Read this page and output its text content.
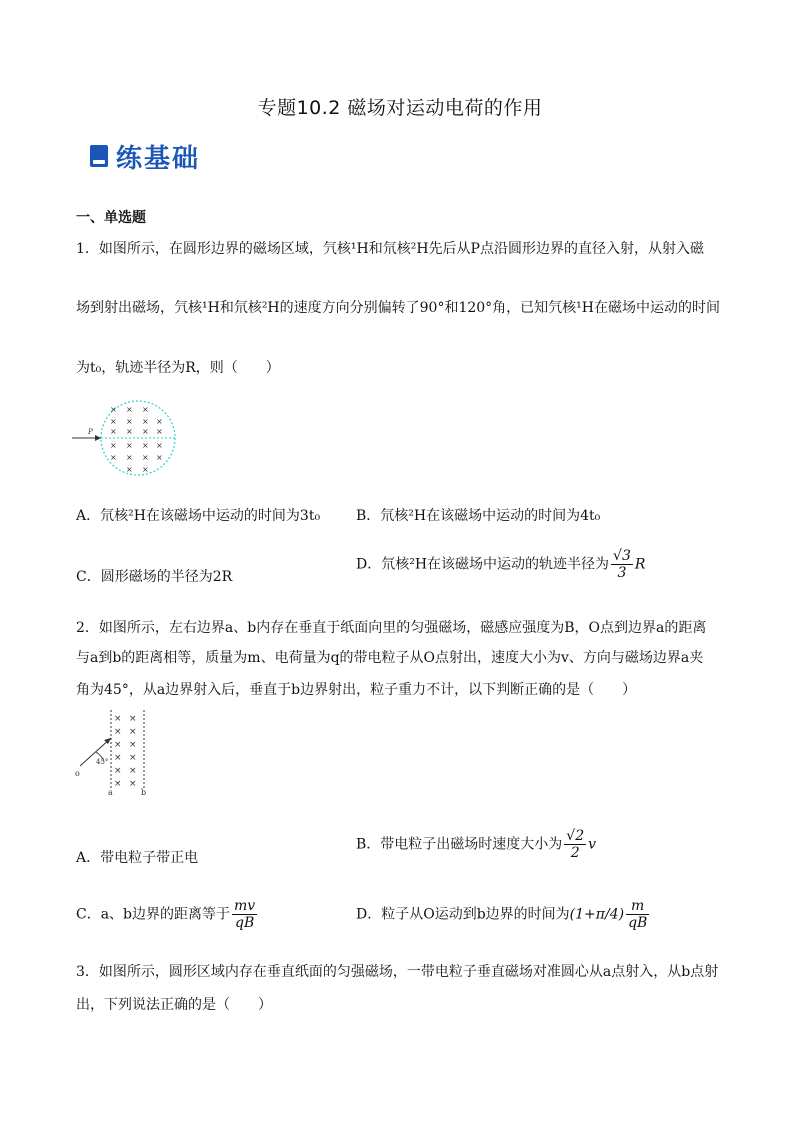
专题10.2 磁场对运动电荷的作用
练基础
一、单选题
1．如图所示，在圆形边界的磁场区域，氕核¹H和氘核²H先后从P点沿圆形边界的直径入射，从射入磁
场到射出磁场，氕核¹H和氘核²H的速度方向分别偏转了90°和120°角，已知氕核¹H在磁场中运动的时间
为t₀，轨迹半径为R，则（　　）
P
× × ×
× × × ×
× × × ×
× × × ×
× × × ×
× ×
A．氘核²H在该磁场中运动的时间为3t₀	B．氘核²H在该磁场中运动的时间为4t₀
C．圆形磁场的半径为2R
D．氘核²H在该磁场中运动的轨迹半径为 $\frac{√3}{3}$ R
2．如图所示，左右边界a、b内存在垂直于纸面向里的匀强磁场，磁感应强度为B，O点到边界a的距离
与a到b的距离相等，质量为m、电荷量为q的带电粒子从O点射出，速度大小为v、方向与磁场边界a夹
角为45°，从a边界射入后，垂直于b边界射出，粒子重力不计，以下判断正确的是（　　）
× ×
× ×
× ×
× ×
× ×
× ×
45°
o
a	b
A．带电粒子带正电
B．带电粒子出磁场时速度大小为 $\frac{√2}{2}$ v
C．a、b边界的距离等于 $\frac{mv}{qB}$	D．粒子从O运动到b边界的时间为$(1+\pi/4) \frac{m}{qB}$
3．如图所示，圆形区域内存在垂直纸面的匀强磁场，一带电粒子垂直磁场对准圆心从a点射入，从b点射
出，下列说法正确的是（　　）
